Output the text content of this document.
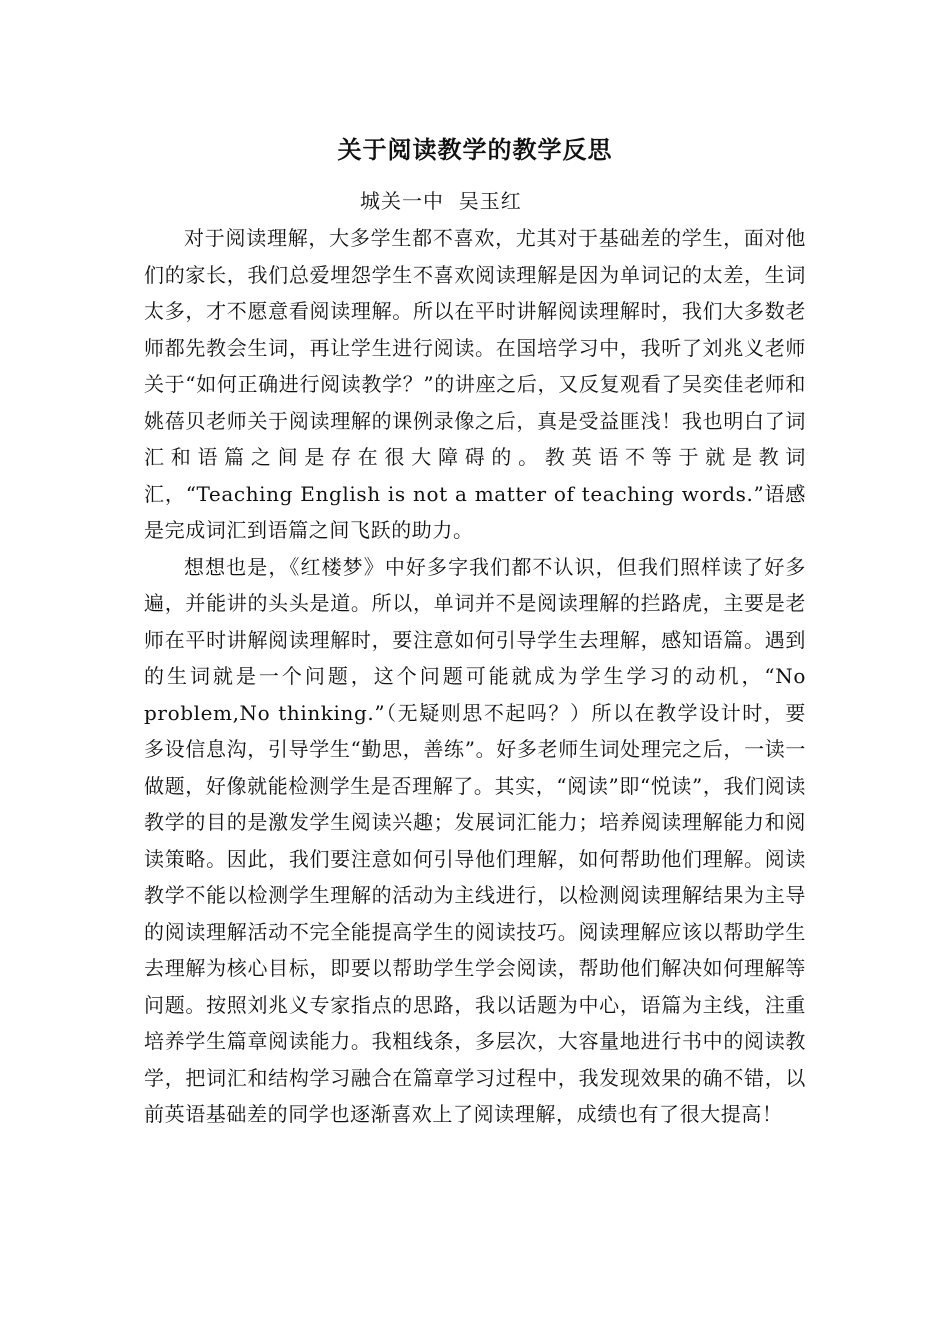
关于阅读教学的教学反思
城关一中  吴玉红

对于阅读理解，大多学生都不喜欢，尤其对于基础差的学生，面对他们的家长，我们总爱埋怨学生不喜欢阅读理解是因为单词记的太差，生词太多，才不愿意看阅读理解。所以在平时讲解阅读理解时，我们大多数老师都先教会生词，再让学生进行阅读。在国培学习中，我听了刘兆义老师关于“如何正确进行阅读教学？”的讲座之后，又反复观看了吴奕佳老师和姚蓓贝老师关于阅读理解的课例录像之后，真是受益匪浅！我也明白了词汇和语篇之间是存在很大障碍的。教英语不等于就是教词汇，“Teaching English is not a matter of teaching words.”语感是完成词汇到语篇之间飞跃的助力。

想想也是，《红楼梦》中好多字我们都不认识，但我们照样读了好多遍，并能讲的头头是道。所以，单词并不是阅读理解的拦路虎，主要是老师在平时讲解阅读理解时，要注意如何引导学生去理解，感知语篇。遇到的生词就是一个问题，这个问题可能就成为学生学习的动机，“No problem,No thinking.”（无疑则思不起吗？）所以在教学设计时，要多设信息沟，引导学生“勤思，善练”。好多老师生词处理完之后，一读一做题，好像就能检测学生是否理解了。其实，“阅读”即“悦读”，我们阅读教学的目的是激发学生阅读兴趣；发展词汇能力；培养阅读理解能力和阅读策略。因此，我们要注意如何引导他们理解，如何帮助他们理解。阅读教学不能以检测学生理解的活动为主线进行，以检测阅读理解结果为主导的阅读理解活动不完全能提高学生的阅读技巧。阅读理解应该以帮助学生去理解为核心目标，即要以帮助学生学会阅读，帮助他们解决如何理解等问题。按照刘兆义专家指点的思路，我以话题为中心，语篇为主线，注重培养学生篇章阅读能力。我粗线条，多层次，大容量地进行书中的阅读教学，把词汇和结构学习融合在篇章学习过程中，我发现效果的确不错，以前英语基础差的同学也逐渐喜欢上了阅读理解，成绩也有了很大提高！
